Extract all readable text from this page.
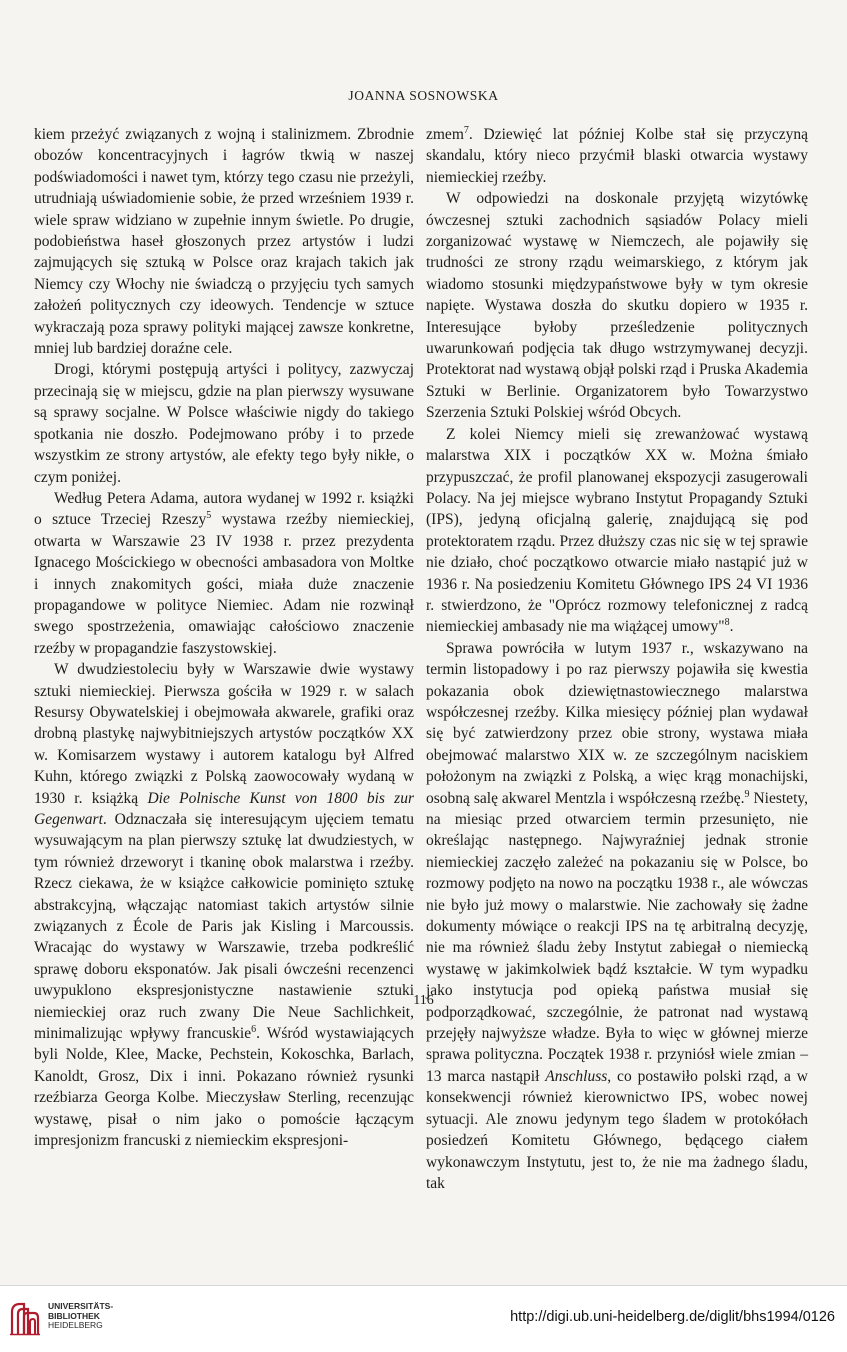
JOANNA SOSNOWSKA

kiem przeżyć związanych z wojną i stalinizmem. Zbrodnie obozów koncentracyjnych i łagrów tkwią w naszej podświadomości i nawet tym, którzy tego czasu nie przeżyli, utrudniają uświadomienie sobie, że przed wrześniem 1939 r. wiele spraw widziano w zupełnie innym świetle. Po drugie, podobieństwa haseł głoszonych przez artystów i ludzi zajmujących się sztuką w Polsce oraz krajach takich jak Niemcy czy Włochy nie świadczą o przyjęciu tych samych założeń politycznych czy ideowych. Tendencje w sztuce wykraczają poza sprawy polityki mającej zawsze konkretne, mniej lub bardziej doraźne cele.

Drogi, którymi postępują artyści i politycy, zazwyczaj przecinają się w miejscu, gdzie na plan pierwszy wysuwane są sprawy socjalne. W Polsce właściwie nigdy do takiego spotkania nie doszło. Podejmowano próby i to przede wszystkim ze strony artystów, ale efekty tego były nikłe, o czym poniżej.

Według Petera Adama, autora wydanej w 1992 r. książki o sztuce Trzeciej Rzeszy$^5$ wystawa rzeźby niemieckiej, otwarta w Warszawie 23 IV 1938 r. przez prezydenta Ignacego Mościckiego w obecności ambasadora von Moltke i innych znakomitych gości, miała duże znaczenie propagandowe w polityce Niemiec. Adam nie rozwinął swego spostrzeżenia, omawiając całościowo znaczenie rzeźby w propagandzie faszystowskiej.

W dwudziestoleciu były w Warszawie dwie wystawy sztuki niemieckiej. Pierwsza gościła w 1929 r. w salach Resursy Obywatelskiej i obejmowała akwarele, grafiki oraz drobną plastykę najwybitniejszych artystów początków XX w. Komisarzem wystawy i autorem katalogu był Alfred Kuhn, którego związki z Polską zaowocowały wydaną w 1930 r. książką Die Polnische Kunst von 1800 bis zur Gegenwart. Odznaczała się interesującym ujęciem tematu wysuwającym na plan pierwszy sztukę lat dwudziestych, w tym również drzeworyt i tkaninę obok malarstwa i rzeźby. Rzecz ciekawa, że w książce całkowicie pominięto sztukę abstrakcyjną, włączając natomiast takich artystów silnie związanych z École de Paris jak Kisling i Marcoussis. Wracając do wystawy w Warszawie, trzeba podkreślić sprawę doboru eksponatów. Jak pisali ówcześni recenzenci uwypuklono ekspresjonistyczne nastawienie sztuki niemieckiej oraz ruch zwany Die Neue Sachlichkeit, minimalizując wpływy francuskie$^6$. Wśród wystawiających byli Nolde, Klee, Macke, Pechstein, Kokoschka, Barlach, Kanoldt, Grosz, Dix i inni. Pokazano również rysunki rzeźbiarza Georga Kolbe. Mieczysław Sterling, recenzując wystawę, pisał o nim jako o pomoście łączącym impresjonizm francuski z niemieckim ekspresjoni-

zmem$^7$. Dziewięć lat później Kolbe stał się przyczyną skandalu, który nieco przyćmił blaski otwarcia wystawy niemieckiej rzeźby.

W odpowiedzi na doskonale przyjętą wizytówkę ówczesnej sztuki zachodnich sąsiadów Polacy mieli zorganizować wystawę w Niemczech, ale pojawiły się trudności ze strony rządu weimarskiego, z którym jak wiadomo stosunki międzypaństwowe były w tym okresie napięte. Wystawa doszła do skutku dopiero w 1935 r. Interesujące byłoby prześledzenie politycznych uwarunkowań podjęcia tak długo wstrzymywanej decyzji. Protektorat nad wystawą objął polski rząd i Pruska Akademia Sztuki w Berlinie. Organizatorem było Towarzystwo Szerzenia Sztuki Polskiej wśród Obcych.

Z kolei Niemcy mieli się zrewanżować wystawą malarstwa XIX i początków XX w. Można śmiało przypuszczać, że profil planowanej ekspozycji zasugerowali Polacy. Na jej miejsce wybrano Instytut Propagandy Sztuki (IPS), jedyną oficjalną galerię, znajdującą się pod protektoratem rządu. Przez dłuższy czas nic się w tej sprawie nie działo, choć początkowo otwarcie miało nastąpić już w 1936 r. Na posiedzeniu Komitetu Głównego IPS 24 VI 1936 r. stwierdzono, że "Oprócz rozmowy telefonicznej z radcą niemieckiej ambasady nie ma wiążącej umowy"$^8$.

Sprawa powróciła w lutym 1937 r., wskazywano na termin listopadowy i po raz pierwszy pojawiła się kwestia pokazania obok dziewiętnastowiecznego malarstwa współczesnej rzeźby. Kilka miesięcy później plan wydawał się być zatwierdzony przez obie strony, wystawa miała obejmować malarstwo XIX w. ze szczególnym naciskiem położonym na związki z Polską, a więc krąg monachijski, osobną salę akwarel Mentzla i współczesną rzeźbę.$^9$ Niestety, na miesiąc przed otwarciem termin przesunięto, nie określając następnego. Najwyraźniej jednak stronie niemieckiej zaczęło zależeć na pokazaniu się w Polsce, bo rozmowy podjęto na nowo na początku 1938 r., ale wówczas nie było już mowy o malarstwie. Nie zachowały się żadne dokumenty mówiące o reakcji IPS na tę arbitralną decyzję, nie ma również śladu żeby Instytut zabiegał o niemiecką wystawę w jakimkolwiek bądź kształcie. W tym wypadku jako instytucja pod opieką państwa musiał się podporządkować, szczególnie, że patronat nad wystawą przejęły najwyższe władze. Była to więc w głównej mierze sprawa polityczna. Początek 1938 r. przyniósł wiele zmian – 13 marca nastąpił Anschluss, co postawiło polski rząd, a w konsekwencji również kierownictwo IPS, wobec nowej sytuacji. Ale znowu jedynym tego śladem w protokółach posiedzeń Komitetu Głównego, będącego ciałem wykonawczym Instytutu, jest to, że nie ma żadnego śladu, tak

116
UNIVERSITÄTS-
BIBLIOTHEK
HEIDELBERG	http://digi.ub.uni-heidelberg.de/diglit/bhs1994/0126
